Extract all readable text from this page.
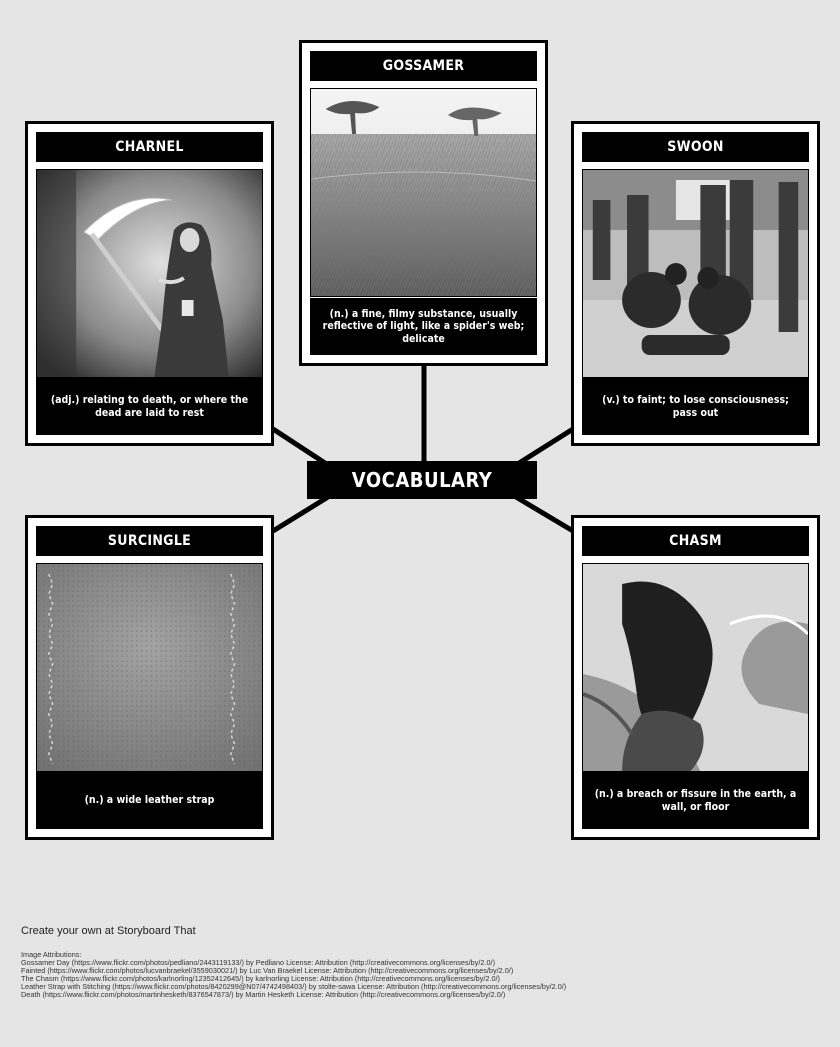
VOCABULARY
CHARNEL
(adj.) relating to death, or where the dead are laid to rest
GOSSAMER
(n.) a fine, filmy substance, usually reflective of light, like a spider's web; delicate
SWOON
(v.) to faint; to lose consciousness; pass out
SURCINGLE
(n.) a wide leather strap
CHASM
(n.) a breach or fissure in the earth, a wall, or floor
Create your own at Storyboard That
Image Attributions:
Gossamer Day (https://www.flickr.com/photos/pedliano/2443119133/) by Pedliano License: Attribution (http://creativecommons.org/licenses/by/2.0/)
Fainted (https://www.flickr.com/photos/lucvanbraekel/3559030021/) by Luc Van Braekel License: Attribution (http://creativecommons.org/licenses/by/2.0/)
The Chasm (https://www.flickr.com/photos/karlnorling/12352412645/) by karlnorling License: Attribution (http://creativecommons.org/licenses/by/2.0/)
Leather Strap with Stitching (https://www.flickr.com/photos/8420299@N07/4742498403/) by stolte-sawa License: Attribution (http://creativecommons.org/licenses/by/2.0/)
Death (https://www.flickr.com/photos/martinhesketh/8376547873/) by Martin Hesketh License: Attribution (http://creativecommons.org/licenses/by/2.0/)
